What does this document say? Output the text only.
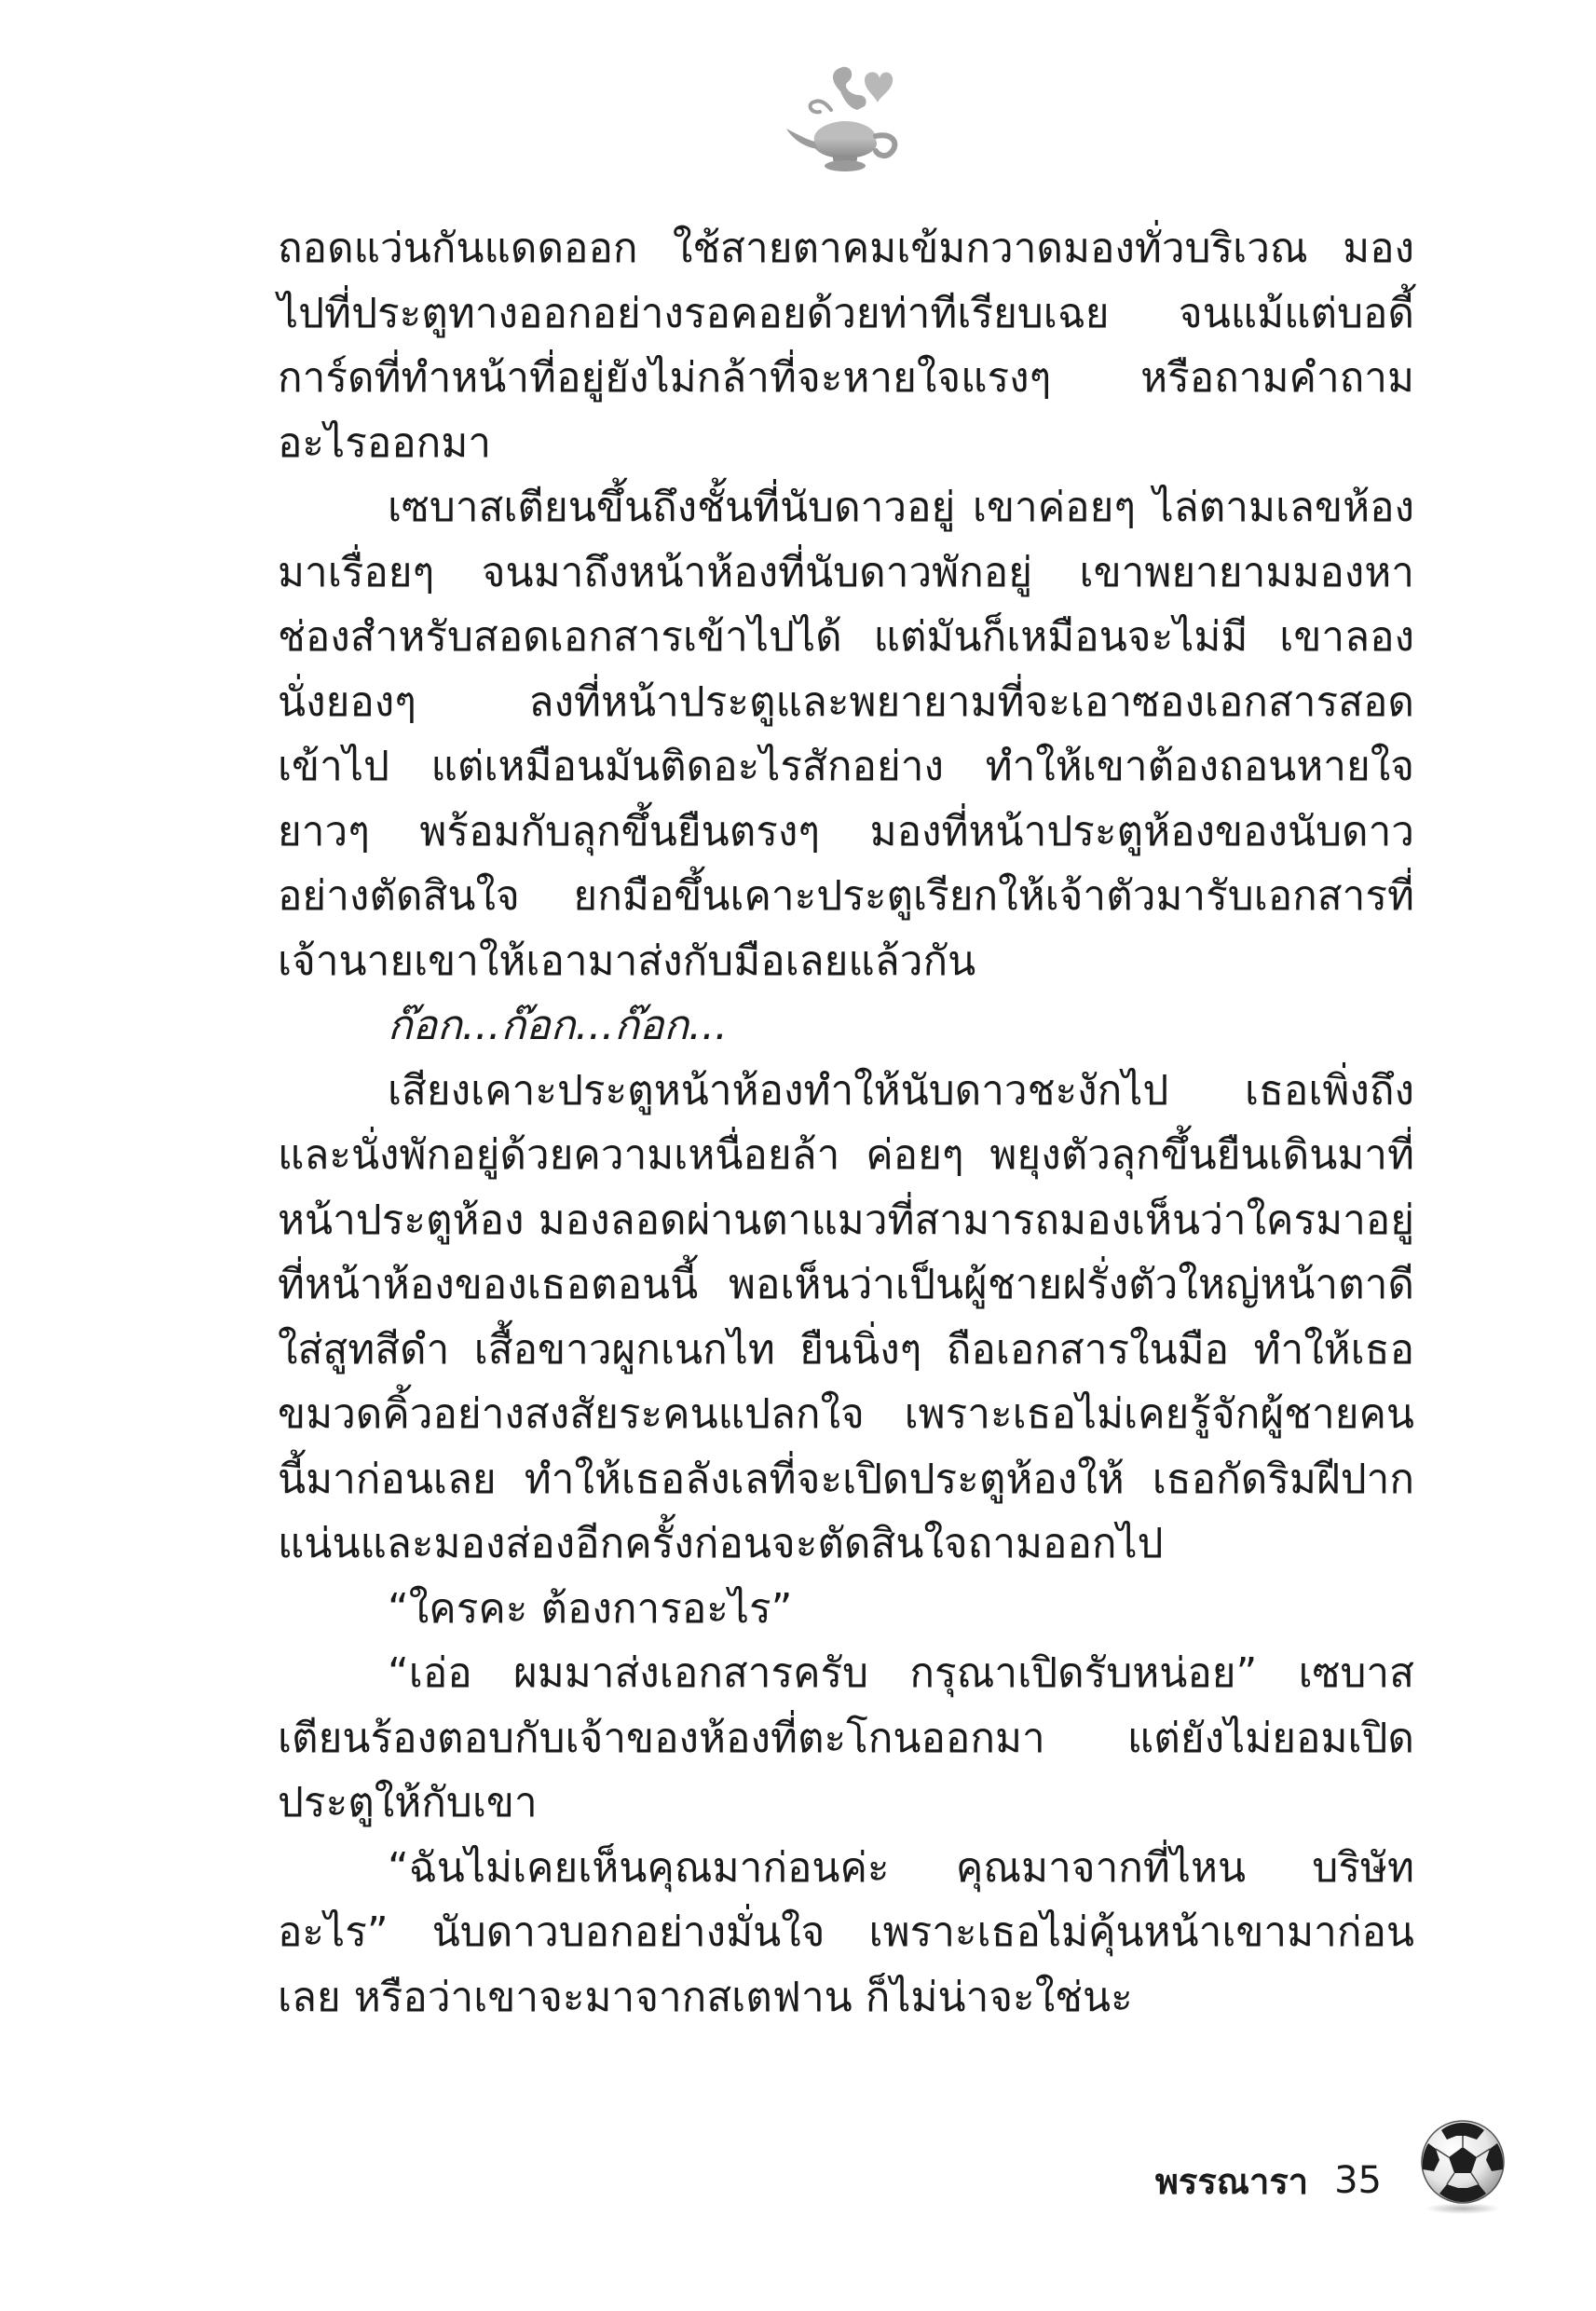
ถอดแว่นกันแดดออก ใช้สายตาคมเข้มกวาดมองทั่วบริเวณ มองไปที่ประตูทางออกอย่างรอคอยด้วยท่าทีเรียบเฉย จนแม้แต่บอดี้การ์ดที่ทำหน้าที่อยู่ยังไม่กล้าที่จะหายใจแรงๆ หรือถามคำถามอะไรออกมา

เซบาสเตียนขึ้นถึงชั้นที่นับดาวอยู่ เขาค่อยๆ ไล่ตามเลขห้องมาเรื่อยๆ จนมาถึงหน้าห้องที่นับดาวพักอยู่ เขาพยายามมองหาช่องสำหรับสอดเอกสารเข้าไปได้ แต่มันก็เหมือนจะไม่มี เขาลองนั่งยองๆ ลงที่หน้าประตูและพยายามที่จะเอาซองเอกสารสอดเข้าไป แต่เหมือนมันติดอะไรสักอย่าง ทำให้เขาต้องถอนหายใจยาวๆ พร้อมกับลุกขึ้นยืนตรงๆ มองที่หน้าประตูห้องของนับดาวอย่างตัดสินใจ ยกมือขึ้นเคาะประตูเรียกให้เจ้าตัวมารับเอกสารที่เจ้านายเขาให้เอามาส่งกับมือเลยแล้วกัน

ก๊อก...ก๊อก...ก๊อก...

เสียงเคาะประตูหน้าห้องทำให้นับดาวชะงักไป เธอเพิ่งถึงและนั่งพักอยู่ด้วยความเหนื่อยล้า ค่อยๆ พยุงตัวลุกขึ้นยืนเดินมาที่หน้าประตูห้อง มองลอดผ่านตาแมวที่สามารถมองเห็นว่าใครมาอยู่ที่หน้าห้องของเธอตอนนี้ พอเห็นว่าเป็นผู้ชายฝรั่งตัวใหญ่หน้าตาดี ใส่สูทสีดำ เสื้อขาวผูกเนกไท ยืนนิ่งๆ ถือเอกสารในมือ ทำให้เธอขมวดคิ้วอย่างสงสัยระคนแปลกใจ เพราะเธอไม่เคยรู้จักผู้ชายคนนี้มาก่อนเลย ทำให้เธอลังเลที่จะเปิดประตูห้องให้ เธอกัดริมฝีปากแน่นและมองส่องอีกครั้งก่อนจะตัดสินใจถามออกไป

“ใครคะ ต้องการอะไร”

“เอ่อ ผมมาส่งเอกสารครับ กรุณาเปิดรับหน่อย” เซบาสเตียนร้องตอบกับเจ้าของห้องที่ตะโกนออกมา แต่ยังไม่ยอมเปิดประตูให้กับเขา

“ฉันไม่เคยเห็นคุณมาก่อนค่ะ คุณมาจากที่ไหน บริษัทอะไร” นับดาวบอกอย่างมั่นใจ เพราะเธอไม่คุ้นหน้าเขามาก่อนเลย หรือว่าเขาจะมาจากสเตฟาน ก็ไม่น่าจะใช่นะ

พรรณารา 35
